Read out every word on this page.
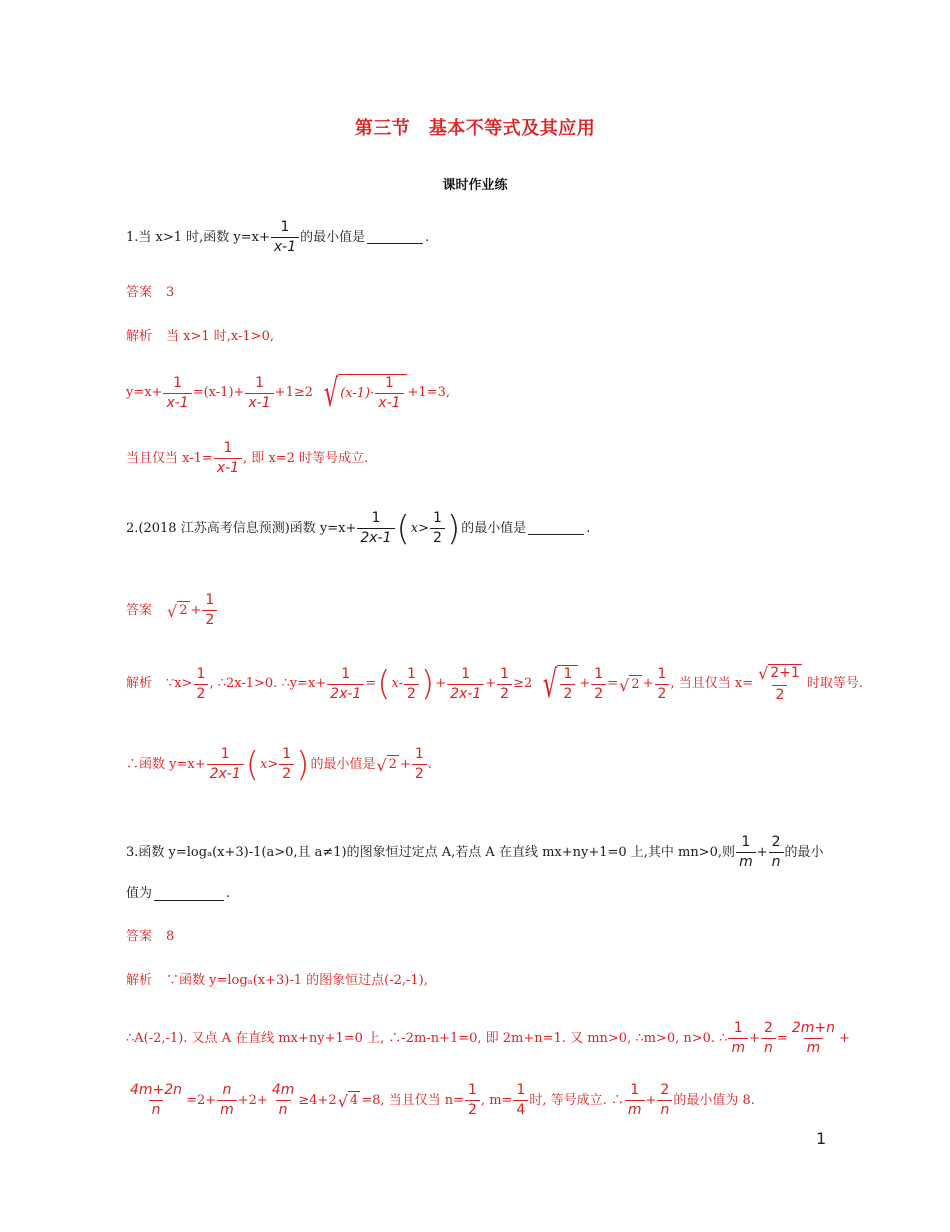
第三节　基本不等式及其应用
课时作业练
1.当 x>1 时,函数 $y=x+ \frac{1}{x-1}$ 的最小值是	.
答案 3
解析 当 x>1 时,x-1>0,
$y=x+ \frac{1}{x-1} =(x-1)+ \frac{1}{x-1} +1\ge 2$ √ $(x-1)\cdot \frac{1}{x-1} +1=3$,
当且仅当 $x-1= \frac{1}{x-1}$ , 即 x=2 时等号成立.
2.(2018 江苏高考信息预测)函数 $y=x+ \frac{1}{2x-1}$ ( $x> \frac{1}{2}$ ) 的最小值是	.
答案 √ $2 + \frac{1}{2}$
解析 ∵x> $\frac{1}{2}$ , ∴2x-1>0. ∴y=x+ $\frac{1}{2x-1}$ = ( $x- \frac{1}{2}$ ) + $\frac{1}{2x-1} + \frac{1}{2} \ge 2$ √ $\frac{1}{2} + \frac{1}{2}$ = √ $2 + \frac{1}{2}$ , 当且仅当 $x= \frac{√ 2+1}{2}$ 时取等号.
∴函数 $y=x+ \frac{1}{2x-1}$ ( $x> \frac{1}{2}$ ) 的最小值是 √ $2 + \frac{1}{2}$ .
3.函数 y=logₐ(x+3)-1(a>0,且 a≠1)的图象恒过定点 A,若点 A 在直线 mx+ny+1=0 上,其中 mn>0,则 $\frac{1}{m} + \frac{2}{n}$ 的最小
值为	.
答案 8
解析 ∵函数 y=logₐ(x+3)-1 的图象恒过点(-2,-1),
∴A(-2,-1). 又点 A 在直线 mx+ny+1=0 上, ∴-2m-n+1=0, 即 2m+n=1. 又 mn>0, ∴m>0, n>0. ∴ $\frac{1}{m} + \frac{2}{n} = \frac{2m+n}{m}$ +
$\frac{4m+2n}{n} =2+ \frac{n}{m} +2+ \frac{4m}{n} \ge 4+2$ √ 4 =8, 当且仅当 $n= \frac{1}{2}$ , $m= \frac{1}{4}$ 时, 等号成立. ∴ $\frac{1}{m} + \frac{2}{n}$ 的最小值为 8.
1
